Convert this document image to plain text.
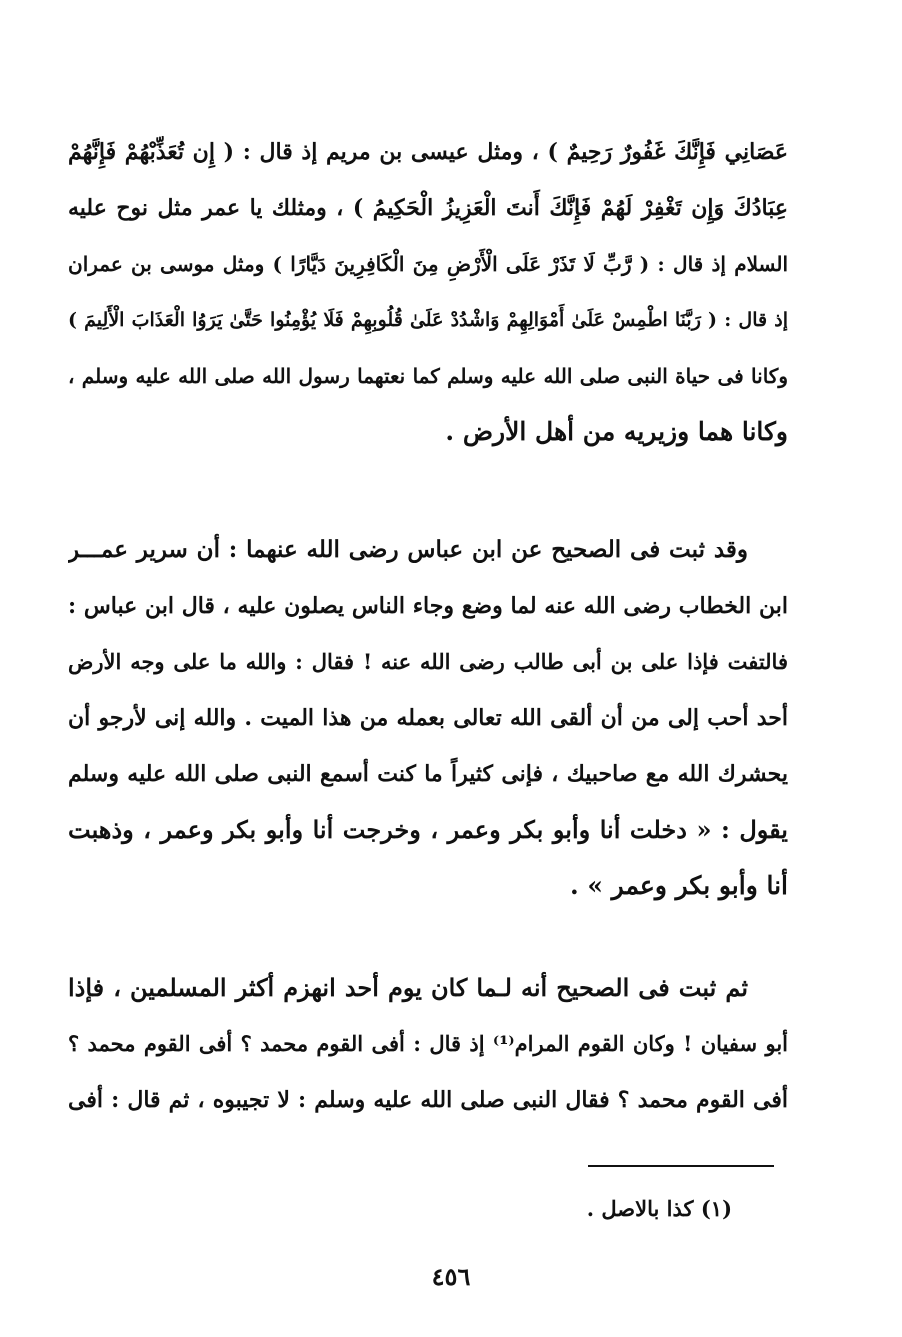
عَصَانِي فَإِنَّكَ غَفُورٌ رَحِيمٌ ) ، ومثل عيسى بن مريم إذ قال : ( إِن تُعَذِّبْهُمْ فَإِنَّهُمْ
عِبَادُكَ وَإِن تَغْفِرْ لَهُمْ فَإِنَّكَ أَنتَ الْعَزِيزُ الْحَكِيمُ ) ، ومثلك يا عمر مثل نوح عليه
السلام إذ قال : ( رَّبِّ لَا تَذَرْ عَلَى الْأَرْضِ مِنَ الْكَافِرِينَ دَيَّارًا ) ومثل موسى بن عمران
إذ قال : ( رَبَّنَا اطْمِسْ عَلَىٰ أَمْوَالِهِمْ وَاشْدُدْ عَلَىٰ قُلُوبِهِمْ فَلَا يُؤْمِنُوا حَتَّىٰ يَرَوُا الْعَذَابَ الْأَلِيمَ )
وكانا فى حياة النبى صلى الله عليه وسلم كما نعتهما رسول الله صلى الله عليه وسلم ،
وكانا هما وزيريه من أهل الأرض .
وقد ثبت فى الصحيح عن ابن عباس رضى الله عنهما : أن سرير عمـــر
ابن الخطاب رضى الله عنه لما وضع وجاء الناس يصلون عليه ، قال ابن عباس :
فالتفت فإذا على بن أبى طالب رضى الله عنه ! فقال : والله ما على وجه الأرض
أحد أحب إلى من أن ألقى الله تعالى بعمله من هذا الميت . والله إنى لأرجو أن
يحشرك الله مع صاحبيك ، فإنى كثيراً ما كنت أسمع النبى صلى الله عليه وسلم
يقول : « دخلت أنا وأبو بكر وعمر ، وخرجت أنا وأبو بكر وعمر ، وذهبت
أنا وأبو بكر وعمر » .
ثم ثبت فى الصحيح أنه لـما كان يوم أحد انهزم أكثر المسلمين ، فإذا
أبو سفيان ! وكان القوم المرام⁽¹⁾ إذ قال : أفى القوم محمد ؟ أفى القوم محمد ؟
أفى القوم محمد ؟ فقال النبى صلى الله عليه وسلم : لا تجيبوه ، ثم قال : أفى
(١) كذا بالاصل .
٤٥٦
